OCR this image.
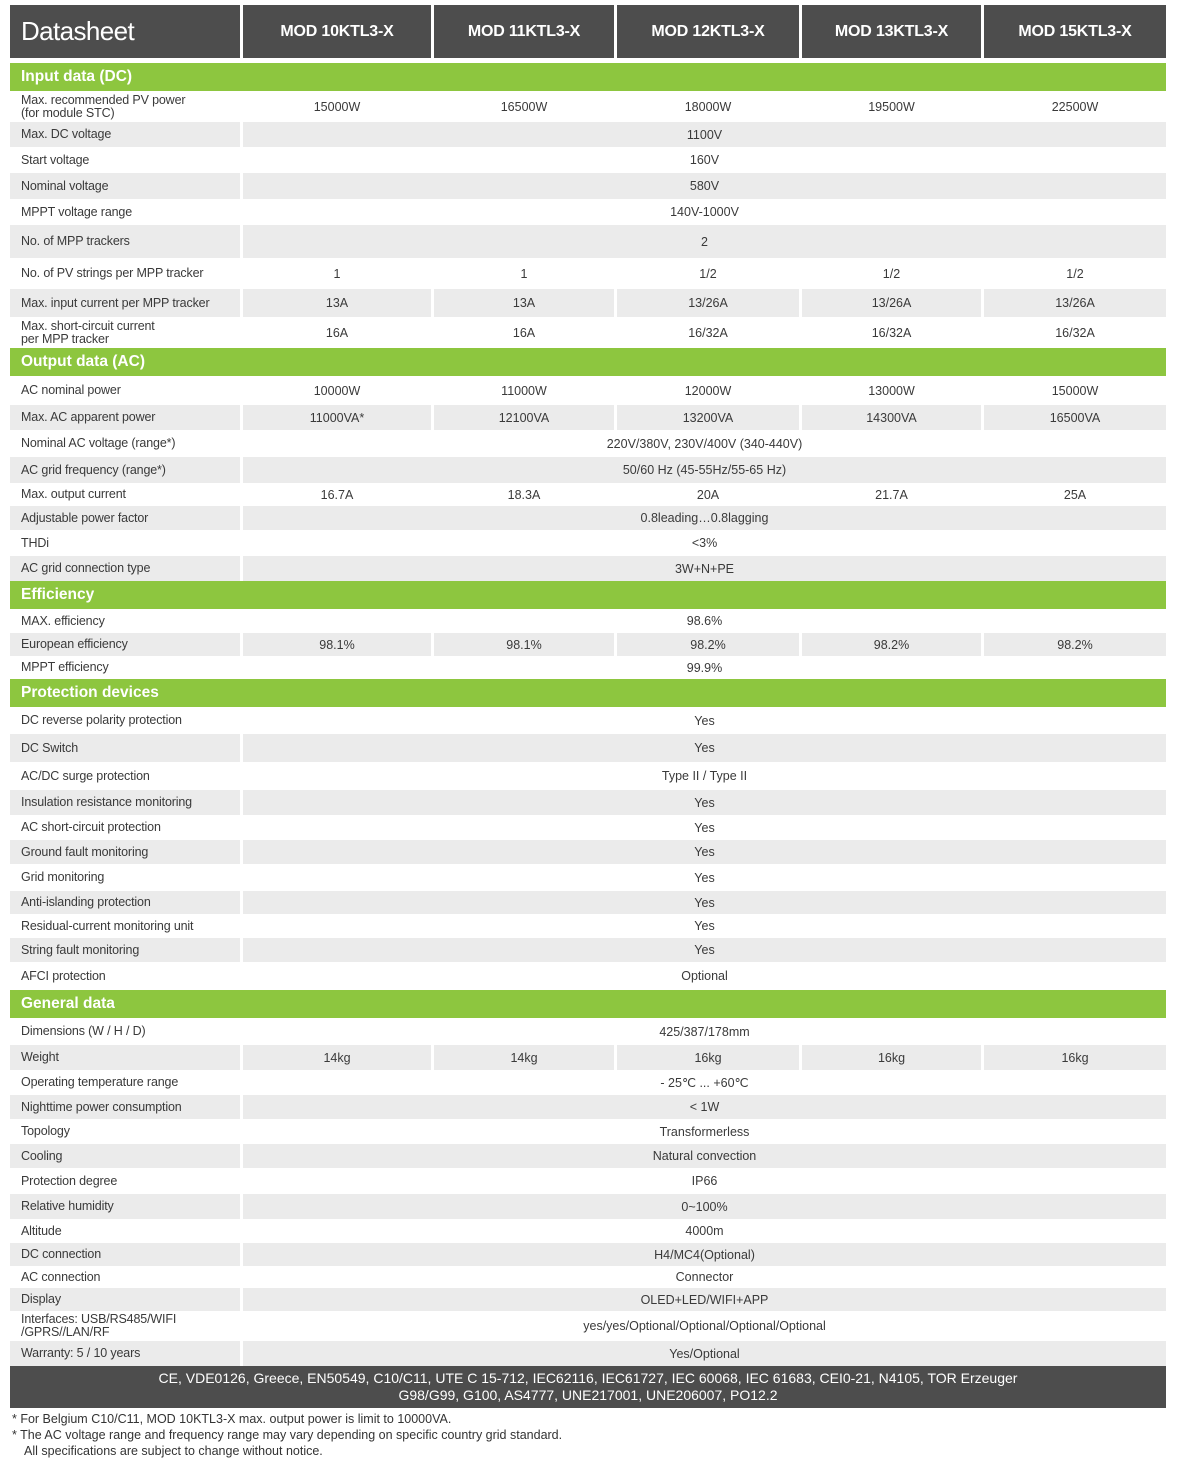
Datasheet	MOD 10KTL3-X	MOD 11KTL3-X	MOD 12KTL3-X	MOD 13KTL3-X	MOD 15KTL3-X
Input data (DC)
Max. recommended PV power
(for module STC)	15000W	16500W	18000W	19500W	22500W
Max. DC voltage	1100V
Start voltage	160V
Nominal voltage	580V
MPPT voltage range	140V-1000V
No. of MPP trackers	2
No. of PV strings per MPP tracker	1	1	1/2	1/2	1/2
Max. input current per MPP tracker	13A	13A	13/26A	13/26A	13/26A
Max. short-circuit current
per MPP tracker	16A	16A	16/32A	16/32A	16/32A
Output data (AC)
AC nominal power	10000W	11000W	12000W	13000W	15000W
Max. AC apparent power	11000VA*	12100VA	13200VA	14300VA	16500VA
Nominal AC voltage (range*)	220V/380V, 230V/400V (340-440V)
AC grid frequency (range*)	50/60 Hz (45-55Hz/55-65 Hz)
Max. output current	16.7A	18.3A	20A	21.7A	25A
Adjustable power factor	0.8leading…0.8lagging
THDi	<3%
AC grid connection type	3W+N+PE
Efficiency
MAX. efficiency	98.6%
European efficiency	98.1%	98.1%	98.2%	98.2%	98.2%
MPPT efficiency	99.9%
Protection devices
DC reverse polarity protection	Yes
DC Switch	Yes
AC/DC surge protection	Type II / Type II
Insulation resistance monitoring	Yes
AC short-circuit protection	Yes
Ground fault monitoring	Yes
Grid monitoring	Yes
Anti-islanding protection	Yes
Residual-current monitoring unit	Yes
String fault monitoring	Yes
AFCI protection	Optional
General data
Dimensions (W / H / D)	425/387/178mm
Weight	14kg	14kg	16kg	16kg	16kg
Operating temperature range	- 25℃ ... +60℃
Nighttime power consumption	< 1W
Topology	Transformerless
Cooling	Natural convection
Protection degree	IP66
Relative humidity	0~100%
Altitude	4000m
DC connection	H4/MC4(Optional)
AC connection	Connector
Display	OLED+LED/WIFI+APP
Interfaces: USB/RS485/WIFI
/GPRS//LAN/RF	yes/yes/Optional/Optional/Optional/Optional
Warranty: 5 / 10 years	Yes/Optional
CE, VDE0126, Greece, EN50549, C10/C11, UTE C 15-712, IEC62116, IEC61727, IEC 60068, IEC 61683, CEI0-21, N4105, TOR Erzeuger
G98/G99, G100, AS4777, UNE217001, UNE206007, PO12.2
* For Belgium C10/C11, MOD 10KTL3-X max. output power is limit to 10000VA.
* The AC voltage range and frequency range may vary depending on specific country grid standard.
All specifications are subject to change without notice.
